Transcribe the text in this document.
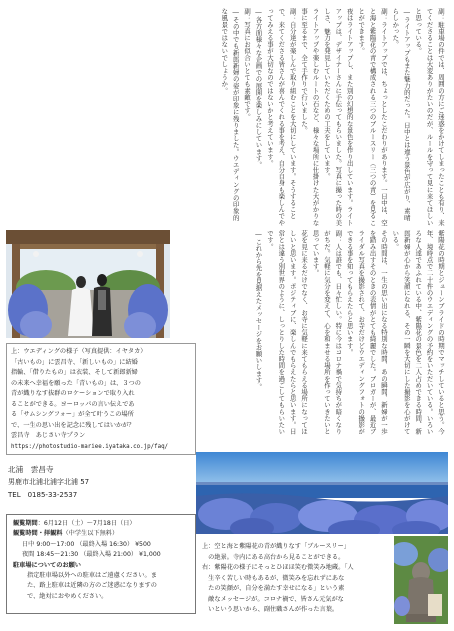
副：駐車場の件では、周囲の方にご迷惑をかけてしまったことも有り、来てくださることは大変ありがたいのだが、ルールを守って見に来てほしいと思っている。
―ライトアップもまた魅力的だった。日中とは違う景色が広がり、素晴らしかった。
副：ライトアップでは、ちょっとしたこだわりがあります。一日中は、空と海と紫陽花の青で構成される三つのブルースリー（三つの青）を見ることができます。
夜はライトアップし、また別の幻想的な景色を作り出しています。ライトアップは、デザイナーさんに手伝ってもらいました。写真に撮った時の美しさ、魅力を発見していただくための工夫をしています。
ライトアップや楽しむルートの石など、様々な場所に仕掛けた大がかりな事に至るまで、全て手作りで行いました。
副：自分達が楽しんで取り組むことを大切にしています。そうすることで、来てくださる皆さんが喜んでくれる事を考え、自分自身も楽しんでやってみえる事が大切なのではないかと考えています。
―各方面様々な企画での展開を楽しみにしています。
副：写真にお似合いとても素敵です。
―その中でも新郎新婦の姿が印象に残りました。ウエディングの印象的な風景ではないでしょうか。
紫陽花の時期とジューンブライドの時期でマッチしていると思う。今年、境時点で二十件のウエディングの予約をいただいている。いろいろな人達であふれている中、紫陽花の景色を二人占めできる時間、新郎新婦が心から笑顔になれる、その一瞬を大切にした撮影を心がけている。
その時間は、一生の思い出になる特別な時間、あの瞬間、新婦が一歩を踏み出すそのときの表情がとても綺麗でした。ブロガーが、最近ブライダル写真を撮影されて、お寺だけどウエディングフォトの撮影ができる事を知ってもらえたらと思います。
副：人は誰でも、日々忙しい。特に今はコロナ禍で気持ちが暗くなりがちだ。気軽に気分を変えて、心を和ませる場所を作っていきたいと思っています。
花を見に来るだけでなく、お寺に気軽に来てもらえる場所になってほしいと思います。ポジティブに、楽しんでもらえたらと思います。日常とは違う別世界のように、しっとりした時間を過ごしてもらいたいです。
―これから先を見据えたメッセージをお願いします。
上：ウエディングの様子（写真提供：イヤタカ）
「古いもの」に雲昌寺、「新しいもの」に結婚
指輪、「借りたもの」は衣装、そして新郎新婦
の未来へ幸福を願った「青いもの」は、３つの
青が織りなす抜群のロケーションで取り入れ
ることができる。ヨーロッパの言い伝えであ
る「サムシングフォー」が全て叶うこの場所
で、一生の思い出を記念に残してはいかが？
雲昌寺　あじさい寺プラン
https://photostudio-mariee.iyataka.co.jp/faq/
北浦　雲昌寺
男鹿市北浦北浦字北浦 57
TEL　0185-33-2537
観覧期間：6月12日（土）～7月18日（日）
観覧時間・拝観料（中学生以下無料）
日中 9:00～17:00 （最終入場 16:30） ¥500
夜間 18:45～21:30 （最終入場 21:00） ¥1,000
駐車場についてのお願い
指定駐車場以外への駐車はご遠慮ください。ま
た、路上駐車は近隣の方のご迷惑になりますの
で、絶対におやめください。
上：空と海と紫陽花の青が織りなす「ブルースリー」
　の絶景。寺内にある高台から見ることができる。
右：紫陽花の様子にそっとひほほ笑む微笑み地蔵。「人
　生辛く苦しい時もあるが、微笑みを忘れずにあな
　たの笑顔が、自分を満たす幸せになる」という素
　敵なメッセージが。コロナ禍で、皆さん元気がな
　いという思いから、副住職さんが作った言葉。
